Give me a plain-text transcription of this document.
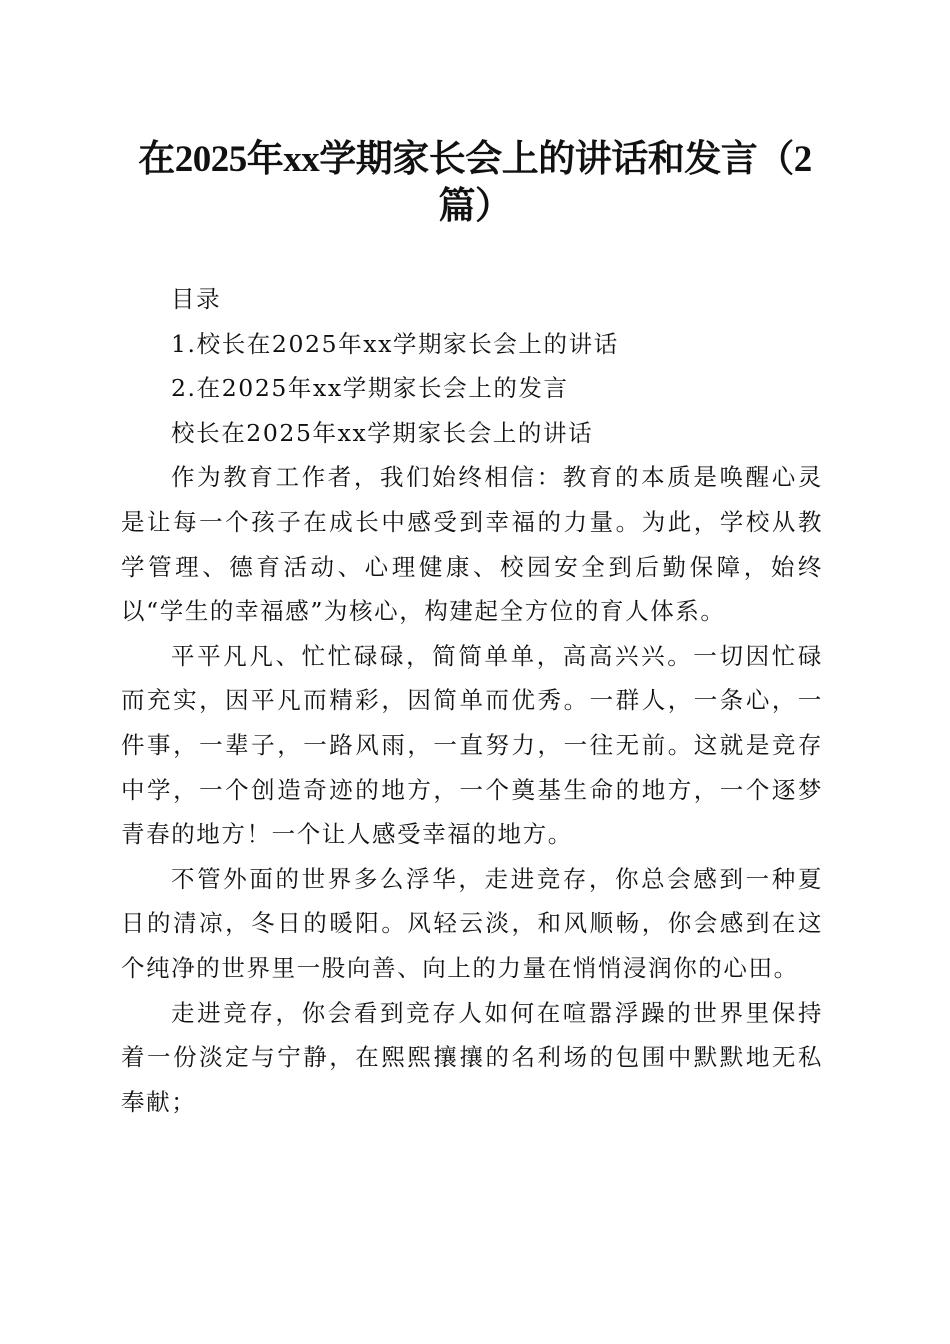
在2025年xx学期家长会上的讲话和发言（2篇）

目录

1.校长在2025年xx学期家长会上的讲话

2.在2025年xx学期家长会上的发言

校长在2025年xx学期家长会上的讲话

作为教育工作者，我们始终相信：教育的本质是唤醒心灵是让每一个孩子在成长中感受到幸福的力量。为此，学校从教学管理、德育活动、心理健康、校园安全到后勤保障，始终以“学生的幸福感”为核心，构建起全方位的育人体系。

平平凡凡、忙忙碌碌，简简单单，高高兴兴。一切因忙碌而充实，因平凡而精彩，因简单而优秀。一群人，一条心，一件事，一辈子，一路风雨，一直努力，一往无前。这就是竞存中学，一个创造奇迹的地方，一个奠基生命的地方，一个逐梦青春的地方！一个让人感受幸福的地方。

不管外面的世界多么浮华，走进竞存，你总会感到一种夏日的清凉，冬日的暖阳。风轻云淡，和风顺畅，你会感到在这个纯净的世界里一股向善、向上的力量在悄悄浸润你的心田。

走进竞存，你会看到竞存人如何在喧嚣浮躁的世界里保持着一份淡定与宁静，在熙熙攘攘的名利场的包围中默默地无私奉献；
